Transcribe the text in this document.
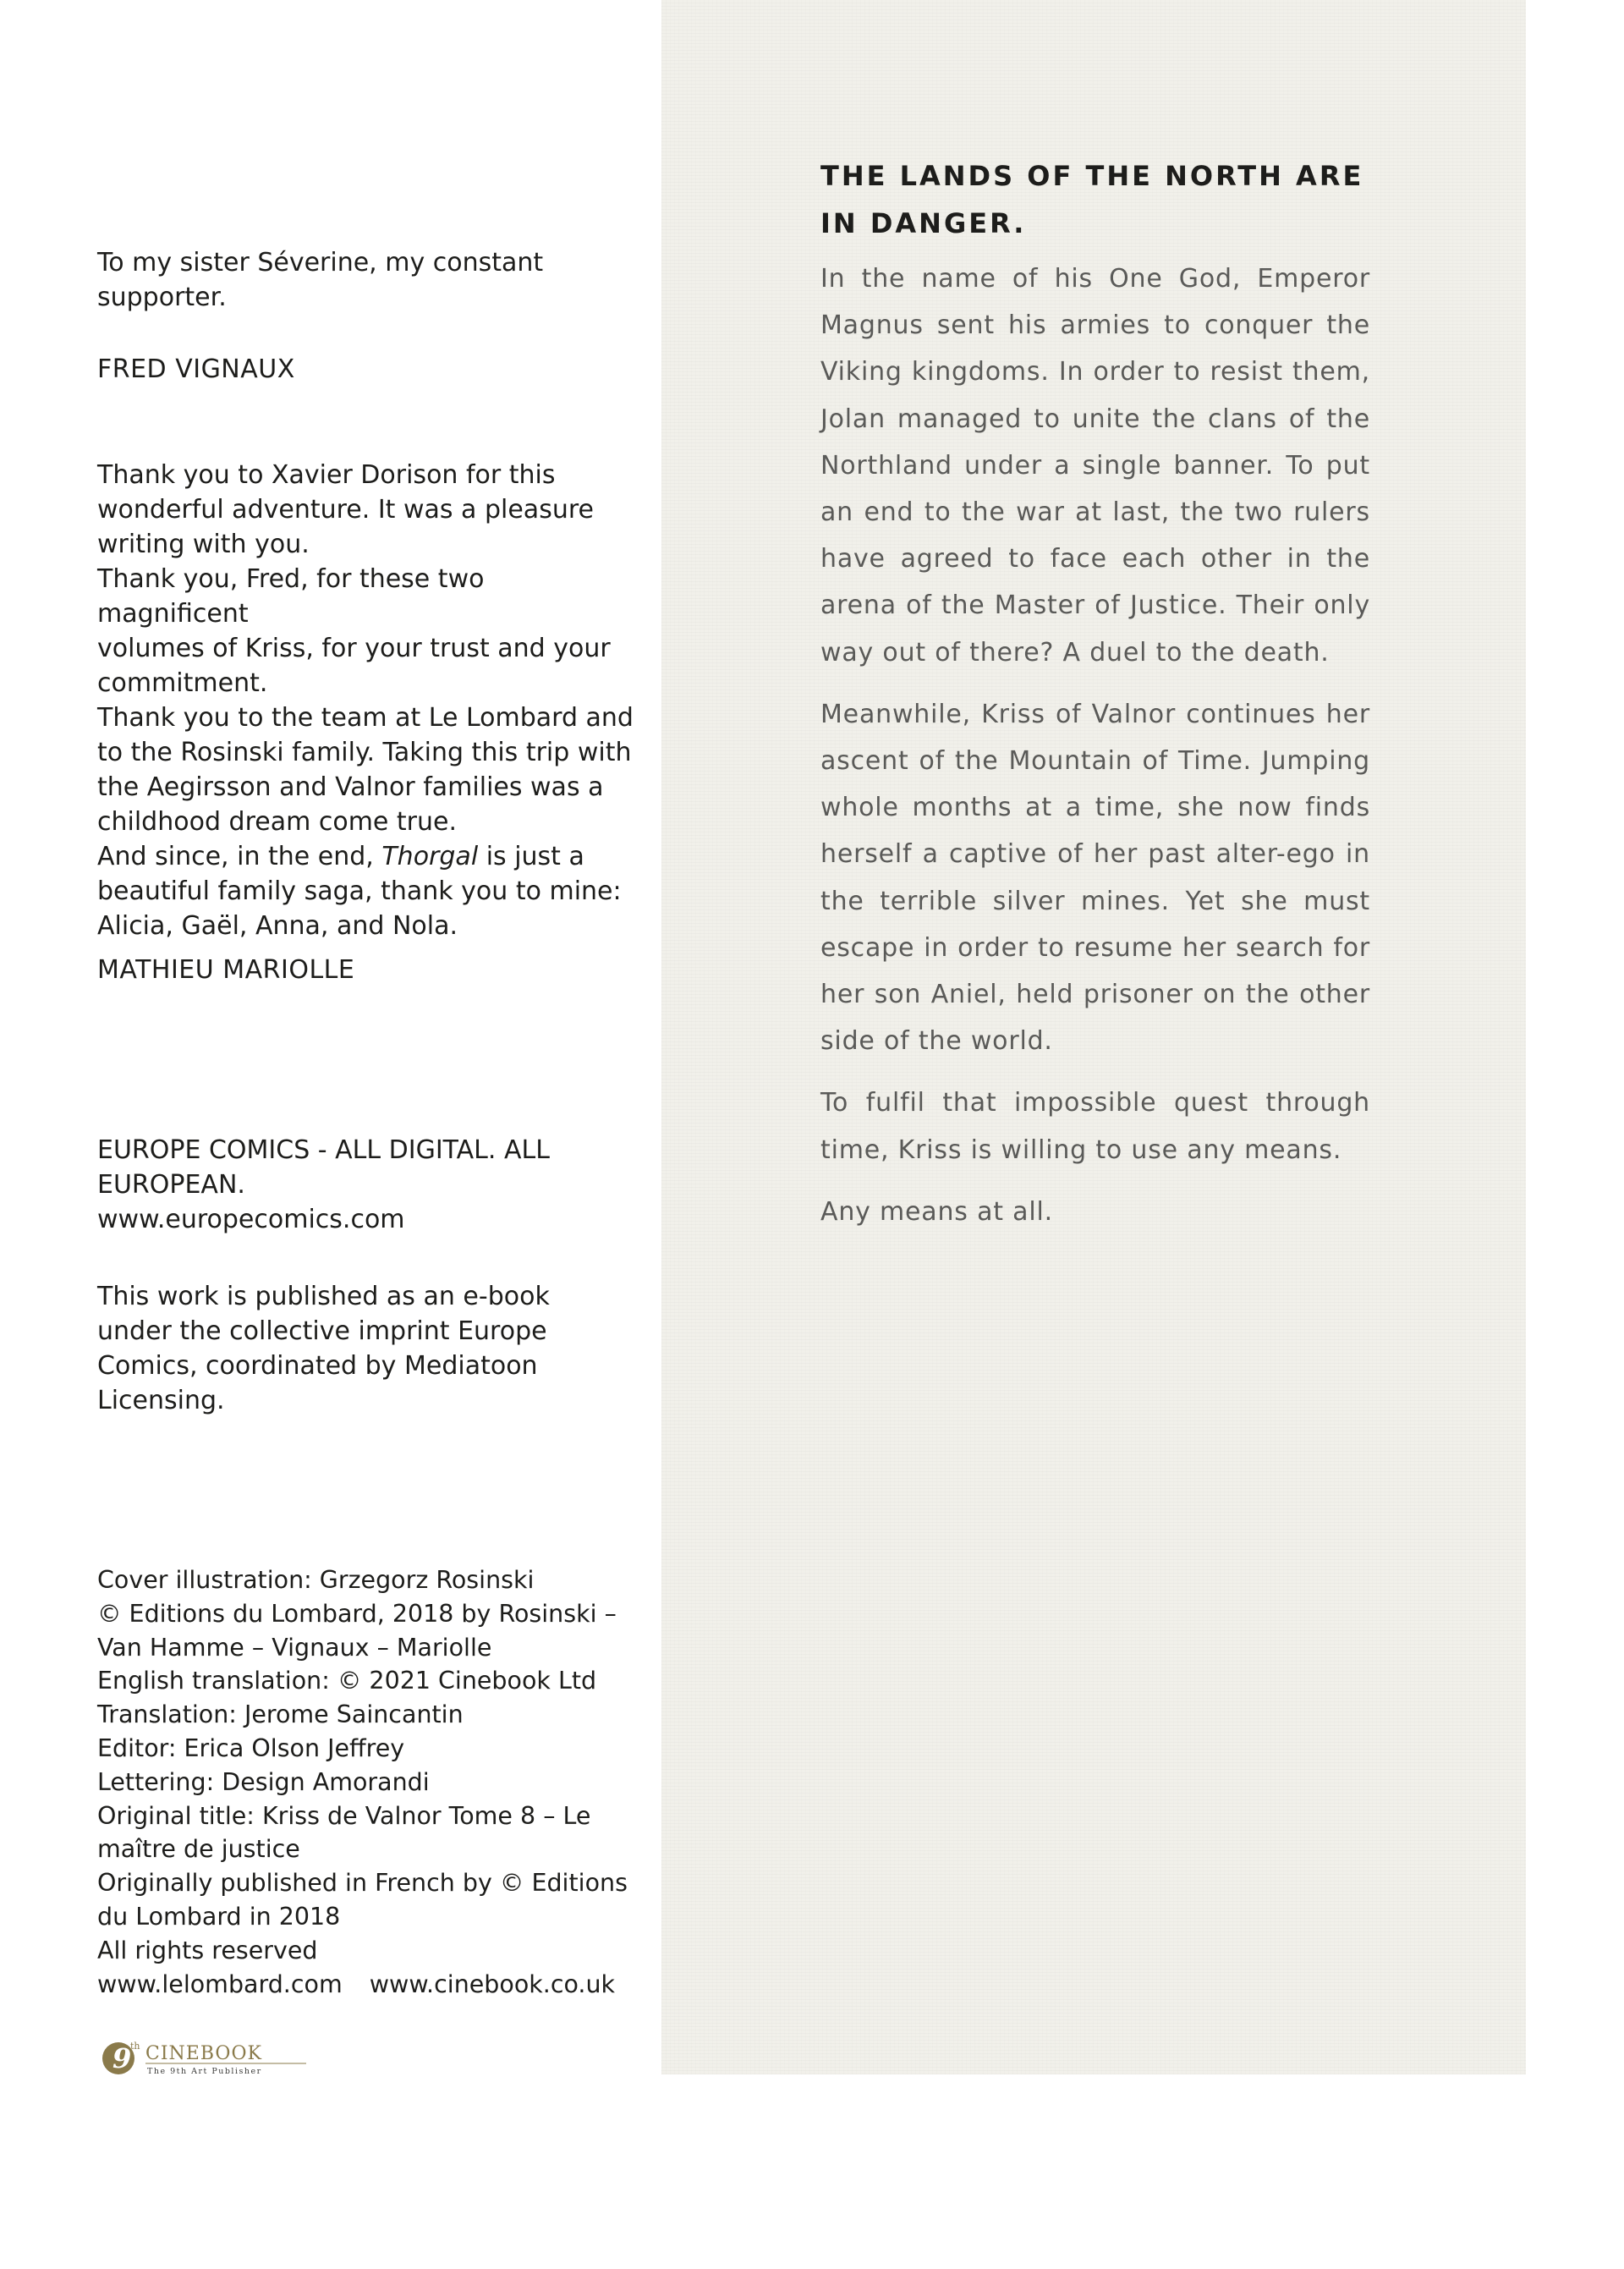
To my sister Séverine, my constant

supporter.

FRED VIGNAUX

Thank you to Xavier Dorison for this

wonderful adventure. It was a pleasure

writing with you.

Thank you, Fred, for these two magnificent

volumes of Kriss, for your trust and your

commitment.

Thank you to the team at Le Lombard and

to the Rosinski family. Taking this trip with

the Aegirsson and Valnor families was a

childhood dream come true.

And since, in the end, Thorgal is just a

beautiful family saga, thank you to mine:

Alicia, Gaël, Anna, and Nola.

MATHIEU MARIOLLE

EUROPE COMICS - ALL DIGITAL. ALL

EUROPEAN.

www.europecomics.com

This work is published as an e-book

under the collective imprint Europe

Comics, coordinated by Mediatoon

Licensing.

Cover illustration: Grzegorz Rosinski
© Editions du Lombard, 2018 by Rosinski –
Van Hamme – Vignaux – Mariolle
English translation: © 2021 Cinebook Ltd
Translation: Jerome Saincantin
Editor: Erica Olson Jeffrey
Lettering: Design Amorandi
Original title: Kriss de Valnor Tome 8 – Le
maître de justice
Originally published in French by © Editions
du Lombard in 2018
All rights reserved
www.lelombard.com www.cinebook.co.uk
9
th CINEBOOK
The 9th Art Publisher
THE LANDS OF THE NORTH ARE IN DANGER.

In the name of his One God, Emperor Magnus sent his armies to conquer the Viking kingdoms. In order to resist them, Jolan managed to unite the clans of the Northland under a single banner. To put an end to the war at last, the two rulers have agreed to face each other in the arena of the Master of Justice. Their only way out of there? A duel to the death.

Meanwhile, Kriss of Valnor continues her ascent of the Mountain of Time. Jumping whole months at a time, she now finds herself a captive of her past alter-ego in the terrible silver mines. Yet she must escape in order to resume her search for her son Aniel, held prisoner on the other side of the world.

To fulfil that impossible quest through time, Kriss is willing to use any means.

Any means at all.
